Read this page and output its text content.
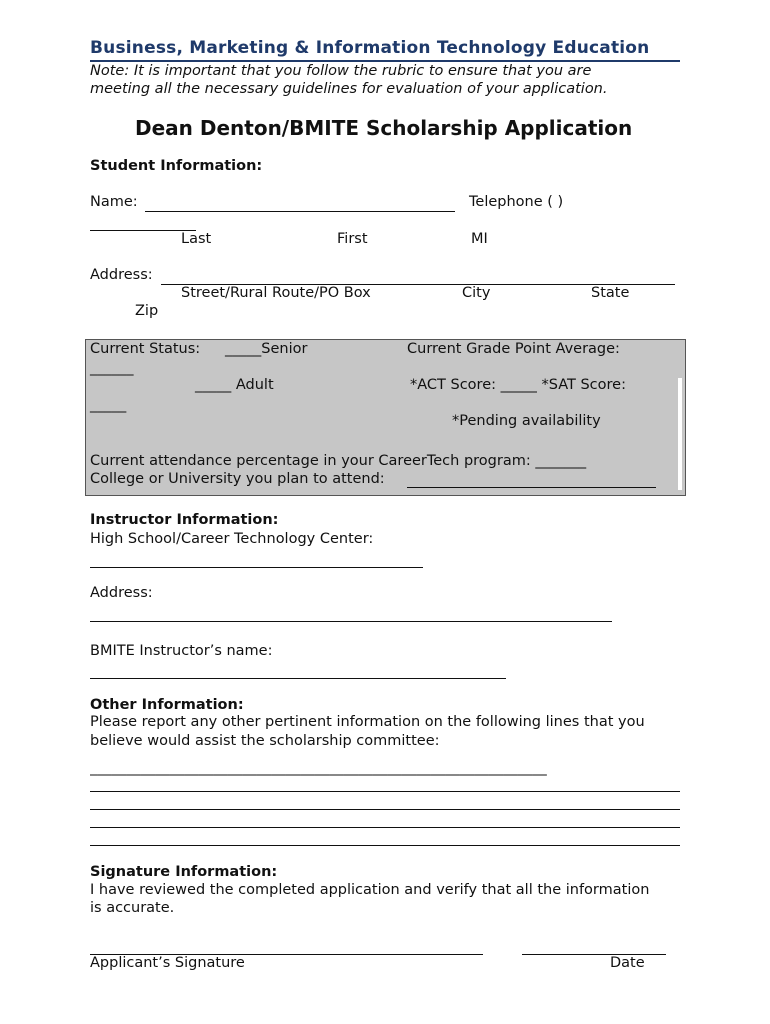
Business, Marketing & Information Technology Education
Note: It is important that you follow the rubric to ensure that you are
meeting all the necessary guidelines for evaluation of your application.
Dean Denton/BMITE Scholarship Application
Student Information:
Name:	Telephone ( )
Last	First	MI
Address:
Street/Rural Route/PO Box	City	State
Zip
Current Status: _____Senior	Current Grade Point Average:
______
_____ Adult	*ACT Score: _____ *SAT Score:
_____
*Pending availability
Current attendance percentage in your CareerTech program: _______
College or University you plan to attend:
Instructor Information:
High School/Career Technology Center:
Address:
BMITE Instructor’s name:
Other Information:
Please report any other pertinent information on the following lines that you
believe would assist the scholarship committee:
_______________________________________________________________
Signature Information:
I have reviewed the completed application and verify that all the information
is accurate.
Applicant’s Signature	Date
